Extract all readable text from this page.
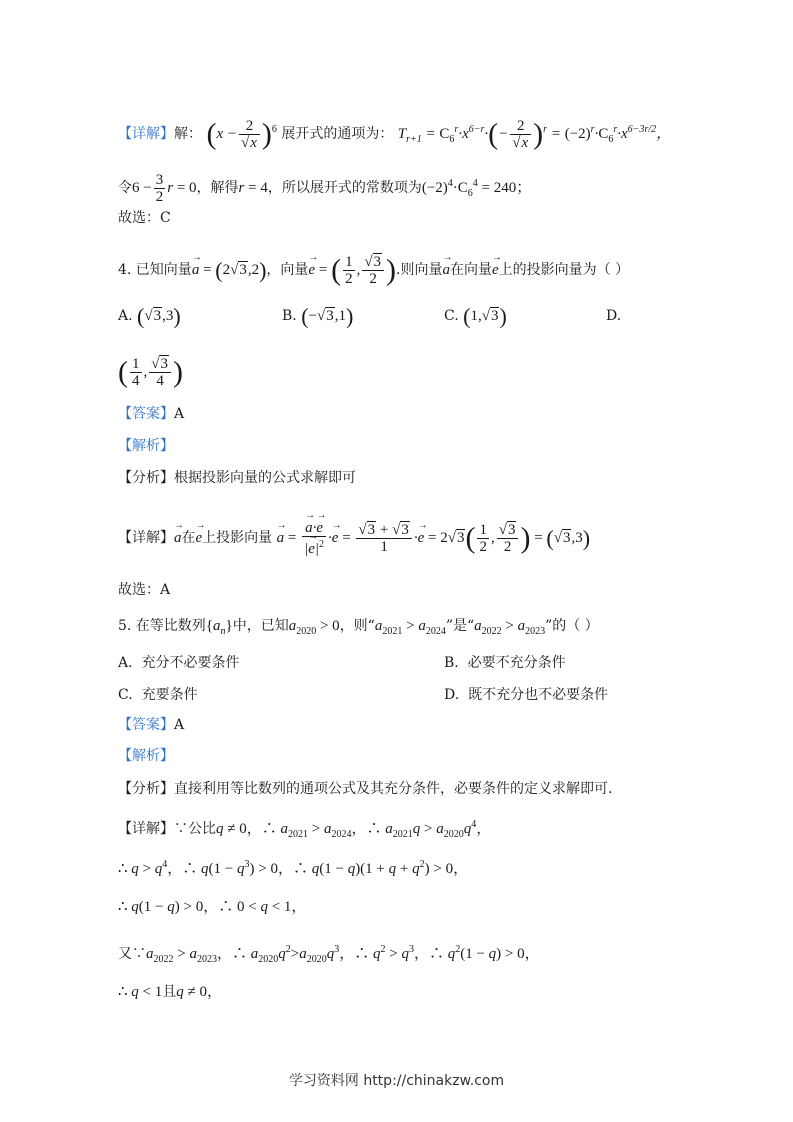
【详解】解： $(x - \frac{2}{√x} )^6$ 展开式的通项为： $T_{r+1} = C_6^r\cdot x^{6-r}\cdot(- \frac{2}{√x} )^r = (-2)^r\cdot C_6^r\cdot x^{6-3r/2}$，
令$6 - \frac{3}{2}$ r = 0，解得r = 4，所以展开式的常数项为$(-2)^4\cdot C_6^4 = 240$；
故选：C
4. 已知向量→ a = (2√3,2)，向量→ e = ( $\frac{1}{2}$ , $\frac{√3}{2}$ ).则向量→ a在向量→ e上的投影向量为（ ）
A. (√3,3)	B. (−√3,1)	C. (1,√3)	D.
( $\frac{1}{4}$ , $\frac{√3}{4}$ )
【答案】A
【解析】
【分析】根据投影向量的公式求解即可
【详解】→ a在→ e上投影向量 → a = → $\frac{a\cdot\to e}{|\to e|^2} \cdot\to e = \frac{√3 + √3}{1} \cdot\to e = 2√3( \frac{1}{2}$ , $\frac{√3}{2}$ ) = (√3,3)
故选：A
5. 在等比数列$\{a_n\}$中，已知$a_{2020} > 0$，则“$a_{2021} > a_{2024}$”是“$a_{2022} > a_{2023}$”的（ ）
A. 充分不必要条件	B. 必要不充分条件
C. 充要条件	D. 既不充分也不必要条件
【答案】A
【解析】
【分析】直接利用等比数列的通项公式及其充分条件，必要条件的定义求解即可.
【详解】∵公比q ≠ 0，∴ $a_{2021} > a_{2024}$，∴ $a_{2021}q > a_{2020}q^4$，
∴ $q > q^4$，∴ $q(1 - q^3) > 0$，∴ $q(1 - q)(1 + q + q^2) > 0$，
∴ q(1 − q) > 0，∴ 0 < q < 1，
又$\because a_{2022} > a_{2023}$，∴ $a_{2020}q^2>a_{2020}q^3$，∴ $q^2 > q^3$，∴ $q^2(1 - q) > 0$，
∴ q < 1且q ≠ 0，
学习资料网 http://chinakzw.com
